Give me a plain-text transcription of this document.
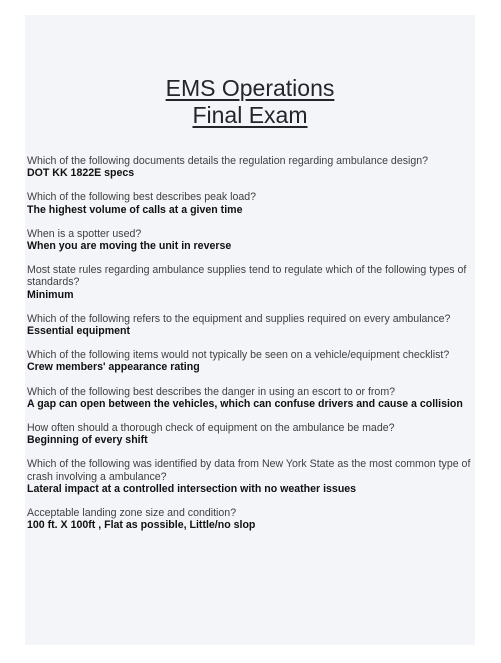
EMS Operations
Final Exam

Which of the following documents details the regulation regarding ambulance design?

DOT KK 1822E specs

Which of the following best describes peak load?

The highest volume of calls at a given time

When is a spotter used?

When you are moving the unit in reverse

Most state rules regarding ambulance supplies tend to regulate which of the following types of standards?

Minimum

Which of the following refers to the equipment and supplies required on every ambulance?

Essential equipment

Which of the following items would not typically be seen on a vehicle/equipment checklist?

Crew members' appearance rating

Which of the following best describes the danger in using an escort to or from?

A gap can open between the vehicles, which can confuse drivers and cause a collision

How often should a thorough check of equipment on the ambulance be made?

Beginning of every shift

Which of the following was identified by data from New York State as the most common type of crash involving a ambulance?

Lateral impact at a controlled intersection with no weather issues

Acceptable landing zone size and condition?

100 ft. X 100ft , Flat as possible, Little/no slop
